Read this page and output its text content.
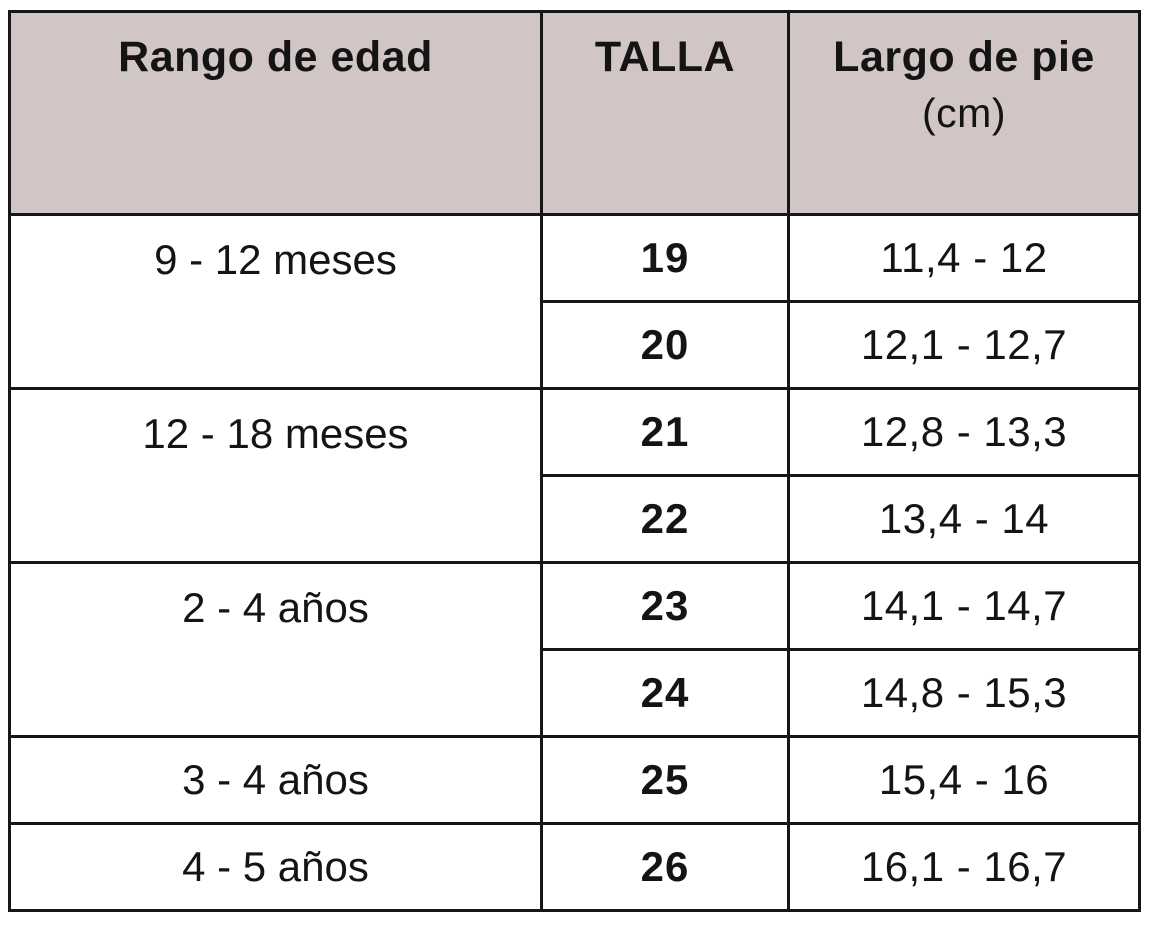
Rango de edad	TALLA	Largo de pie
(cm)

9 - 12 meses	19	11,4 - 12
	20	12,1 - 12,7
12 - 18 meses	21	12,8 - 13,3
	22	13,4 - 14
2 - 4 años	23	14,1 - 14,7
	24	14,8 - 15,3
3 - 4 años	25	15,4 - 16
4 - 5 años	26	16,1 - 16,7
